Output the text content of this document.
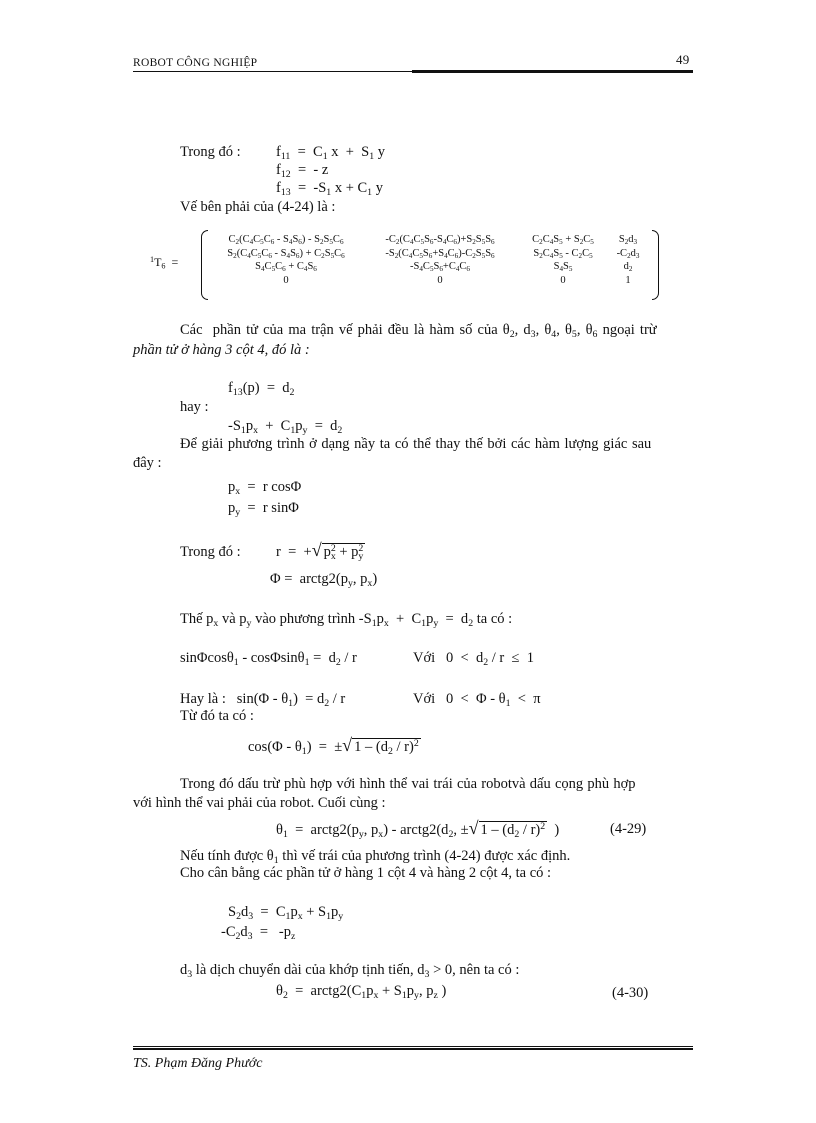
ROBOT CÔNG NGHIỆP	49
Trong đó : $f_{11} = C_1$ $x + S_1$ y
$f_{12}$  =  - z
$f_{13} = -S_1$ $x + C_1$ y
Vế bên phải của (4-24) là :
$^1T_6$  =
$C_2(C_4C_5C_6 - S_4S_6) - S_2S_5C_6$	$-C_2(C_4C_5S_6-S_4C_6)+S_2S_5S_6$	$C_2C_4S_5 + S_2C_5$	$S_2d_3$
$S_2(C_4C_5C_6 - S_4S_6) + C_2S_5C_6$	$-S_2(C_4C_5S_6+S_4C_6)-C_2S_5S_6$	$S_2C_4S_5 - C_2C_5$	$-C_2d_3$
$S_4C_5C_6 + C_4S_6$	$-S_4C_5S_6+C_4C_6$	$S_4S_5$	$d_2$
0	0	0	1
Các  phần tử của ma trận vế phải đều là hàm số của $\theta_2$, $d_3$, $\theta_4$, $\theta_5$, $\theta_6$ ngoại trừ
phần tử ở hàng 3 cột 4, đó là :
$f_{13}(p) = d_2$
hay :
$-S_1p_x + C_1p_y = d_2$
Để giải phương trình ở dạng nầy ta có thể thay thế bởi các hàm lượng giác sau
đây :
$p_x = r$ cosΦ
$p_y = r$ sinΦ
Trong đó : r  =  +√ $p_x^2 + p_y^2$
$\Phi = arctg2(p_y$, $p_x$)
Thế $p_x$ và $p_y$ vào phương trình $-S_1p_x + C_1p_y = d_2$ ta có :
$\sin\Phi\cos\theta_1 - \cos\Phi\sin\theta_1 = d_2 / r$	Với   $0 < d_2 / r \le 1$
Hay là :   $\sin(\Phi - \theta_1) = d_2 / r$	Với   $0 < \Phi - \theta_1 < \pi$
Từ đó ta có :
$\cos(\Phi - \theta_1)$  =  ±√ $1 - (d_2 / r)^2$
Trong đó dấu trừ phù hợp với hình thể vai trái của robotvà dấu cọng phù hợp
với hình thể vai phải của robot. Cuối cùng :
$\theta_1$  =  $arctg2(p_y$, $p_x$) - $arctg2(d_2$, ±√ $1 - (d_2 / r)^2$  )	(4-29)
Nếu tính được $\theta_1$ thì vế trái của phương trình (4-24) được xác định.
Cho cân bằng các phần tử ở hàng 1 cột 4 và hàng 2 cột 4, ta có :
$S_2d_3 = C_1p_x + S_1p_y$
$-C_2d_3 = -p_z$
$d_3$ là dịch chuyển dài của khớp tịnh tiến, $d_3 > 0$, nên ta có :
$\theta_2$  =  $arctg2(C_1p_x + S_1p_y$, $p_z$ )	(4-30)
TS. Phạm Đăng Phước
